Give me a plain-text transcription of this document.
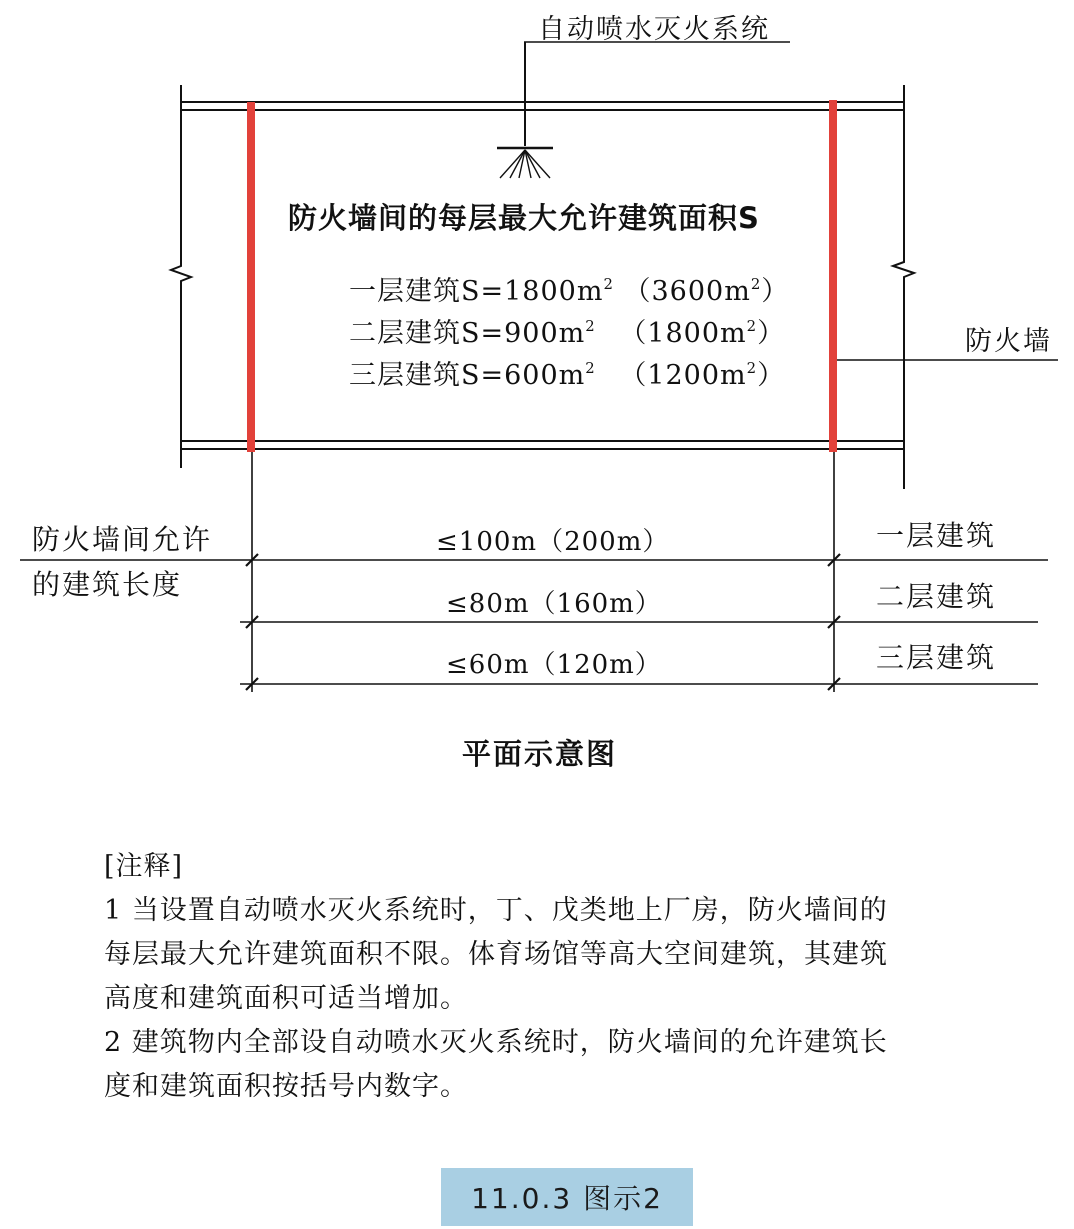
自动喷水灭火系统
防火墙间的每层最大允许建筑面积S
一层建筑$S=1800m^2$ $(3600m^2)$
二层建筑$S=900m^2$ $(1800m^2)$
三层建筑$S=600m^2$ $(1200m^2)$
防火墙
防火墙间允许
的建筑长度
≤100m（200m）
≤80m（160m）
≤60m（120m）
一层建筑
二层建筑
三层建筑
平面示意图
[注释]
1 当设置自动喷水灭火系统时，丁、戊类地上厂房，防火墙间的
每层最大允许建筑面积不限。体育场馆等高大空间建筑，其建筑
高度和建筑面积可适当增加。
2 建筑物内全部设自动喷水灭火系统时，防火墙间的允许建筑长
度和建筑面积按括号内数字。
11.0.3 图示2
